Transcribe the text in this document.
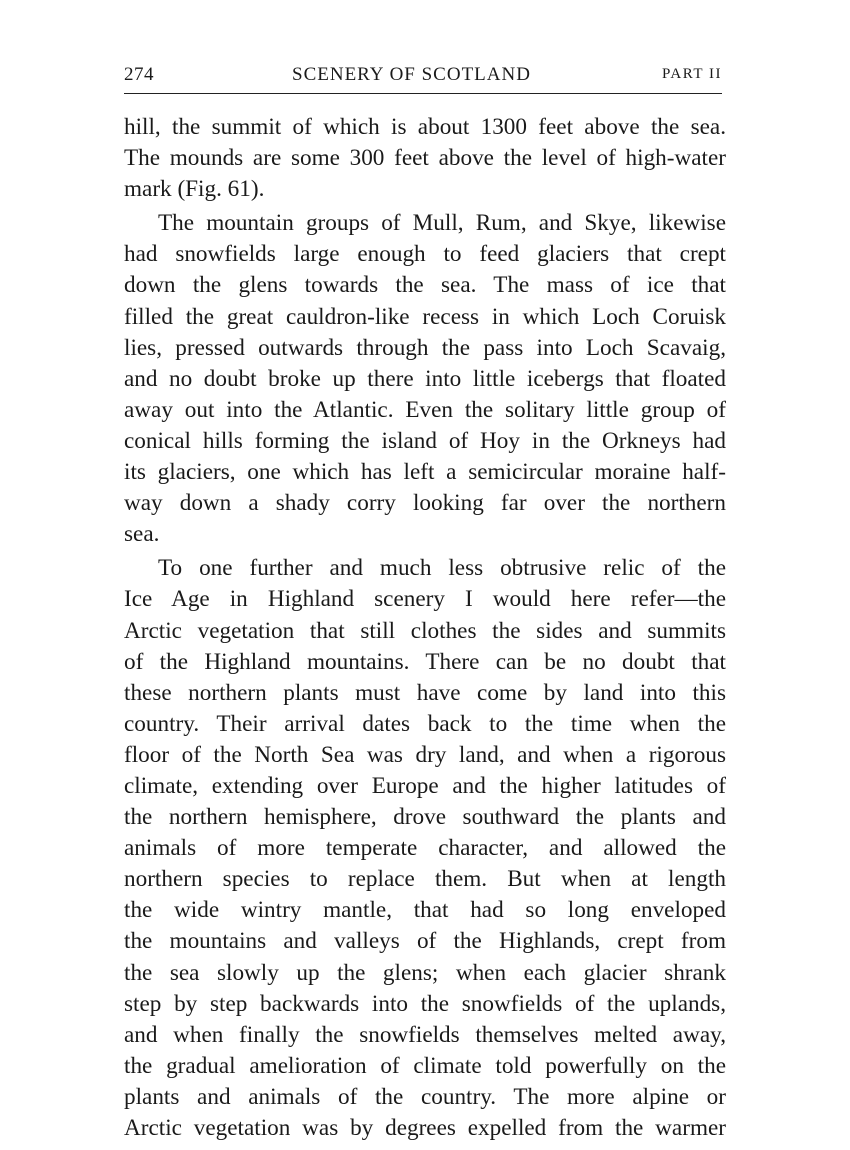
274	SCENERY OF SCOTLAND	PART II
hill, the summit of which is about 1300 feet above the sea.
The mounds are some 300 feet above the level of high-water
mark (Fig. 61).
The mountain groups of Mull, Rum, and Skye, likewise
had snowfields large enough to feed glaciers that crept
down the glens towards the sea. The mass of ice that
filled the great cauldron-like recess in which Loch Coruisk
lies, pressed outwards through the pass into Loch Scavaig,
and no doubt broke up there into little icebergs that floated
away out into the Atlantic. Even the solitary little group of
conical hills forming the island of Hoy in the Orkneys had
its glaciers, one which has left a semicircular moraine half-
way down a shady corry looking far over the northern
sea.
To one further and much less obtrusive relic of the
Ice Age in Highland scenery I would here refer—the
Arctic vegetation that still clothes the sides and summits
of the Highland mountains. There can be no doubt that
these northern plants must have come by land into this
country. Their arrival dates back to the time when the
floor of the North Sea was dry land, and when a rigorous
climate, extending over Europe and the higher latitudes of
the northern hemisphere, drove southward the plants and
animals of more temperate character, and allowed the
northern species to replace them. But when at length
the wide wintry mantle, that had so long enveloped
the mountains and valleys of the Highlands, crept from
the sea slowly up the glens; when each glacier shrank
step by step backwards into the snowfields of the uplands,
and when finally the snowfields themselves melted away,
the gradual amelioration of climate told powerfully on the
plants and animals of the country. The more alpine or
Arctic vegetation was by degrees expelled from the warmer
